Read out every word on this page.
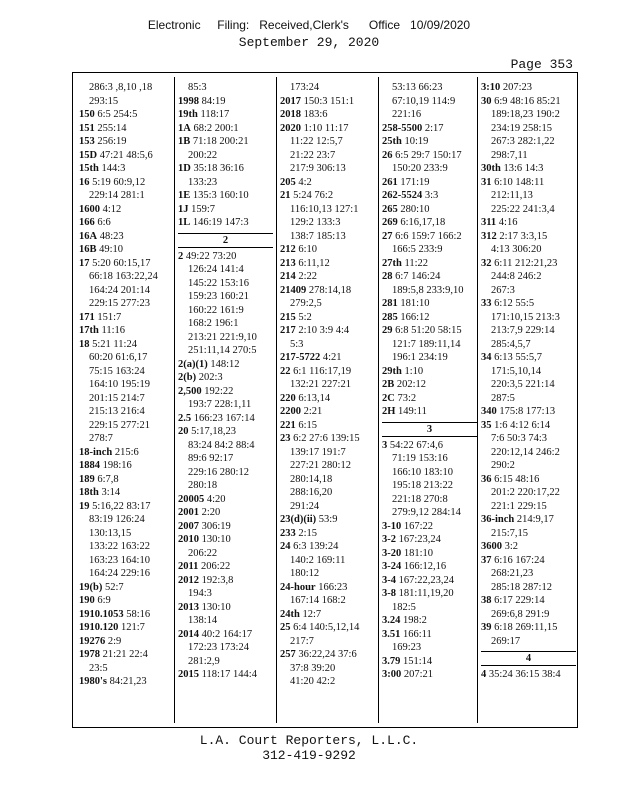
Electronic     Filing:   Received,Clerk's      Office   10/09/2020
September 29, 2020
Page 353
286:3 ,8,10 ,18
293:15
150 6:5 254:5
151 255:14
153 256:19
15D 47:21 48:5,6
15th 144:3
16 5:19 60:9,12
229:14 281:1
1600 4:12
166 6:6
16A 48:23
16B 49:10
17 5:20 60:15,17
66:18 163:22,24
164:24 201:14
229:15 277:23
171 151:7
17th 11:16
18 5:21 11:24
60:20 61:6,17
75:15 163:24
164:10 195:19
201:15 214:7
215:13 216:4
229:15 277:21
278:7
18-inch 215:6
1884 198:16
189 6:7,8
18th 3:14
19 5:16,22 83:17
83:19 126:24
130:13,15
133:22 163:22
163:23 164:10
164:24 229:16
19(b) 52:7
190 6:9
1910.1053 58:16
1910.120 121:7
19276 2:9
1978 21:21 22:4
23:5
1980's 84:21,23
85:3
1998 84:19
19th 118:17
1A 68:2 200:1
1B 71:18 200:21
200:22
1D 35:18 36:16
133:23
1E 135:3 160:10
1J 159:7
1L 146:19 147:3
2
2 49:22 73:20
126:24 141:4
145:22 153:16
159:23 160:21
160:22 161:9
168:2 196:1
213:21 221:9,10
251:11,14 270:5
2(a)(1) 148:12
2(b) 202:3
2,500 192:22
193:7 228:1,11
2.5 166:23 167:14
20 5:17,18,23
83:24 84:2 88:4
89:6 92:17
229:16 280:12
280:18
20005 4:20
2001 2:20
2007 306:19
2010 130:10
206:22
2011 206:22
2012 192:3,8
194:3
2013 130:10
138:14
2014 40:2 164:17
172:23 173:24
281:2,9
2015 118:17 144:4
173:24
2017 150:3 151:1
2018 183:6
2020 1:10 11:17
11:22 12:5,7
21:22 23:7
217:9 306:13
205 4:2
21 5:24 76:2
116:10,13 127:1
129:2 133:3
138:7 185:13
212 6:10
213 6:11,12
214 2:22
21409 278:14,18
279:2,5
215 5:2
217 2:10 3:9 4:4
5:3
217-5722 4:21
22 6:1 116:17,19
132:21 227:21
220 6:13,14
2200 2:21
221 6:15
23 6:2 27:6 139:15
139:17 191:7
227:21 280:12
280:14,18
288:16,20
291:24
23(d)(ii) 53:9
233 2:15
24 6:3 139:24
140:2 169:11
180:12
24-hour 166:23
167:14 168:2
24th 12:7
25 6:4 140:5,12,14
217:7
257 36:22,24 37:6
37:8 39:20
41:20 42:2
53:13 66:23
67:10,19 114:9
221:16
258-5500 2:17
25th 10:19
26 6:5 29:7 150:17
150:20 233:9
261 171:19
262-5524 3:3
265 280:10
269 6:16,17,18
27 6:6 159:7 166:2
166:5 233:9
27th 11:22
28 6:7 146:24
189:5,8 233:9,10
281 181:10
285 166:12
29 6:8 51:20 58:15
121:7 189:11,14
196:1 234:19
29th 1:10
2B 202:12
2C 73:2
2H 149:11
3
3 54:22 67:4,6
71:19 153:16
166:10 183:10
195:18 213:22
221:18 270:8
279:9,12 284:14
3-10 167:22
3-2 167:23,24
3-20 181:10
3-24 166:12,16
3-4 167:22,23,24
3-8 181:11,19,20
182:5
3.24 198:2
3.51 166:11
169:23
3.79 151:14
3:00 207:21
3:10 207:23
30 6:9 48:16 85:21
189:18,23 190:2
234:19 258:15
267:3 282:1,22
298:7,11
30th 13:6 14:3
31 6:10 148:11
212:11,13
225:22 241:3,4
311 4:16
312 2:17 3:3,15
4:13 306:20
32 6:11 212:21,23
244:8 246:2
267:3
33 6:12 55:5
171:10,15 213:3
213:7,9 229:14
285:4,5,7
34 6:13 55:5,7
171:5,10,14
220:3,5 221:14
287:5
340 175:8 177:13
35 1:6 4:12 6:14
7:6 50:3 74:3
220:12,14 246:2
290:2
36 6:15 48:16
201:2 220:17,22
221:1 229:15
36-inch 214:9,17
215:7,15
3600 3:2
37 6:16 167:24
268:21,23
285:18 287:12
38 6:17 229:14
269:6,8 291:9
39 6:18 269:11,15
269:17
4
4 35:24 36:15 38:4
L.A. Court Reporters, L.L.C.
312-419-9292
